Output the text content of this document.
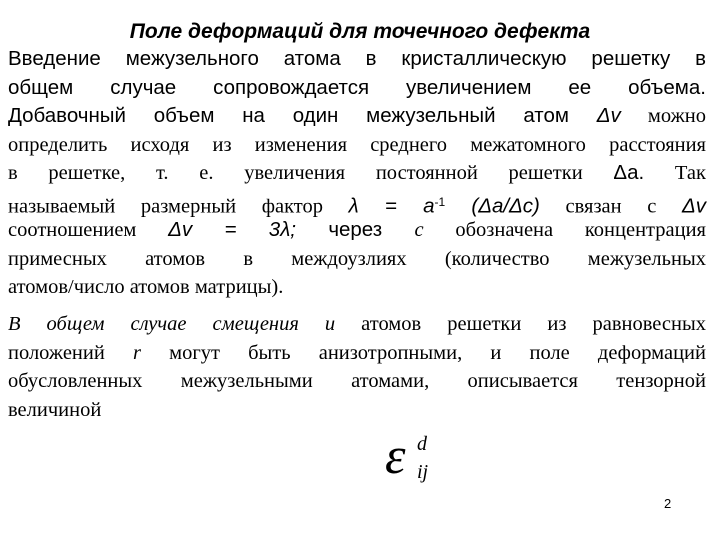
Поле деформаций для точечного дефекта
Введение межузельного атома в кристаллическую решетку в
общем случае сопровождается увеличением ее объема.
Добавочный объем на один межузельный атом Δv можно
определить исходя из изменения среднего межатомного расстояния
в решетке, т. е. увеличения постоянной решетки Δa. Так
называемый размерный фактор $\lambda = a^{-1}$ (Δa/Δc) связан с Δv
соотношением Δv = 3λ; через c обозначена концентрация
примесных атомов в междоузлиях (количество межузельных
атомов/число атомов матрицы).
В общем случае смещения u атомов решетки из равновесных
положений r могут быть анизотропными, и поле деформаций
обусловленных межузельными атомами, описывается тензорной
величиной
ε d
ij
2
